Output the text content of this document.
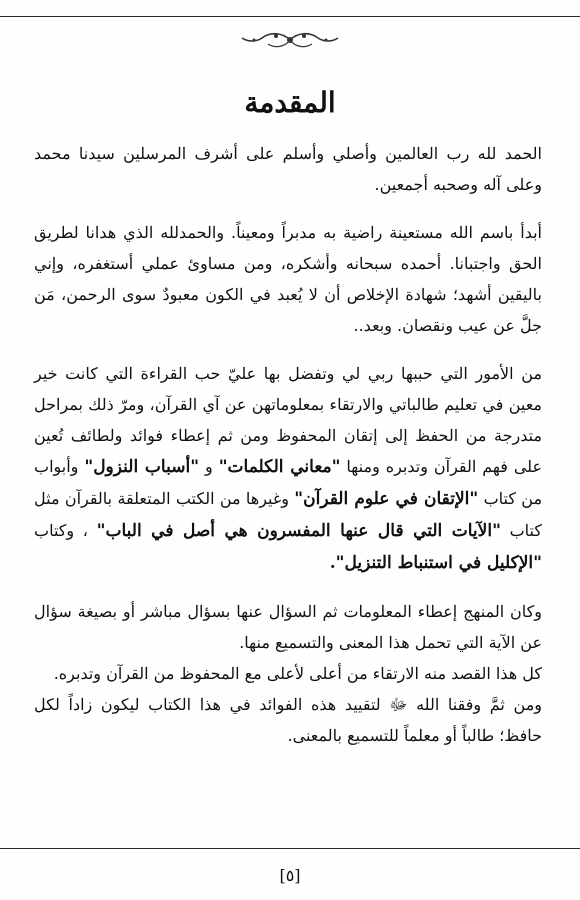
المقدمة

الحمد لله رب العالمين وأصلي وأسلم على أشرف المرسلين سيدنا محمد وعلى آله وصحبه أجمعين.

أبدأ باسم الله مستعينة راضية به مدبراً ومعيناً. والحمدلله الذي هدانا لطريق الحق واجتبانا. أحمده سبحانه وأشكره، ومن مساوئ عملي أستغفره، وإني باليقين أشهد؛ شهادة الإخلاص أن لا يُعبد في الكون معبودٌ سوى الرحمن، مَن جلَّ عن عيب ونقصان. وبعد..

من الأمور التي حببها ربي لي وتفضل بها عليّ حب القراءة التي كانت خير معين في تعليم طالباتي والارتقاء بمعلوماتهن عن آي القرآن، ومرّ ذلك بمراحل متدرجة من الحفظ إلى إتقان المحفوظ ومن ثم إعطاء فوائد ولطائف تُعين على فهم القرآن وتدبره ومنها "معاني الكلمات" و "أسباب النزول" وأبواب من كتاب "الإتقان في علوم القرآن" وغيرها من الكتب المتعلقة بالقرآن مثل كتاب "الآيات التي قال عنها المفسرون هي أصل في الباب" ، وكتاب "الإكليل في استنباط التنزيل".

وكان المنهج إعطاء المعلومات ثم السؤال عنها بسؤال مباشر أو بصيغة سؤال عن الآية التي تحمل هذا المعنى والتسميع منها.

كل هذا القصد منه الارتقاء من أعلى لأعلى مع المحفوظ من القرآن وتدبره.

ومن ثمَّ وفقنا الله ﷻ لتقييد هذه الفوائد في هذا الكتاب ليكون زاداً لكل حافظ؛ طالباً أو معلماً للتسميع بالمعنى.

[٥]
